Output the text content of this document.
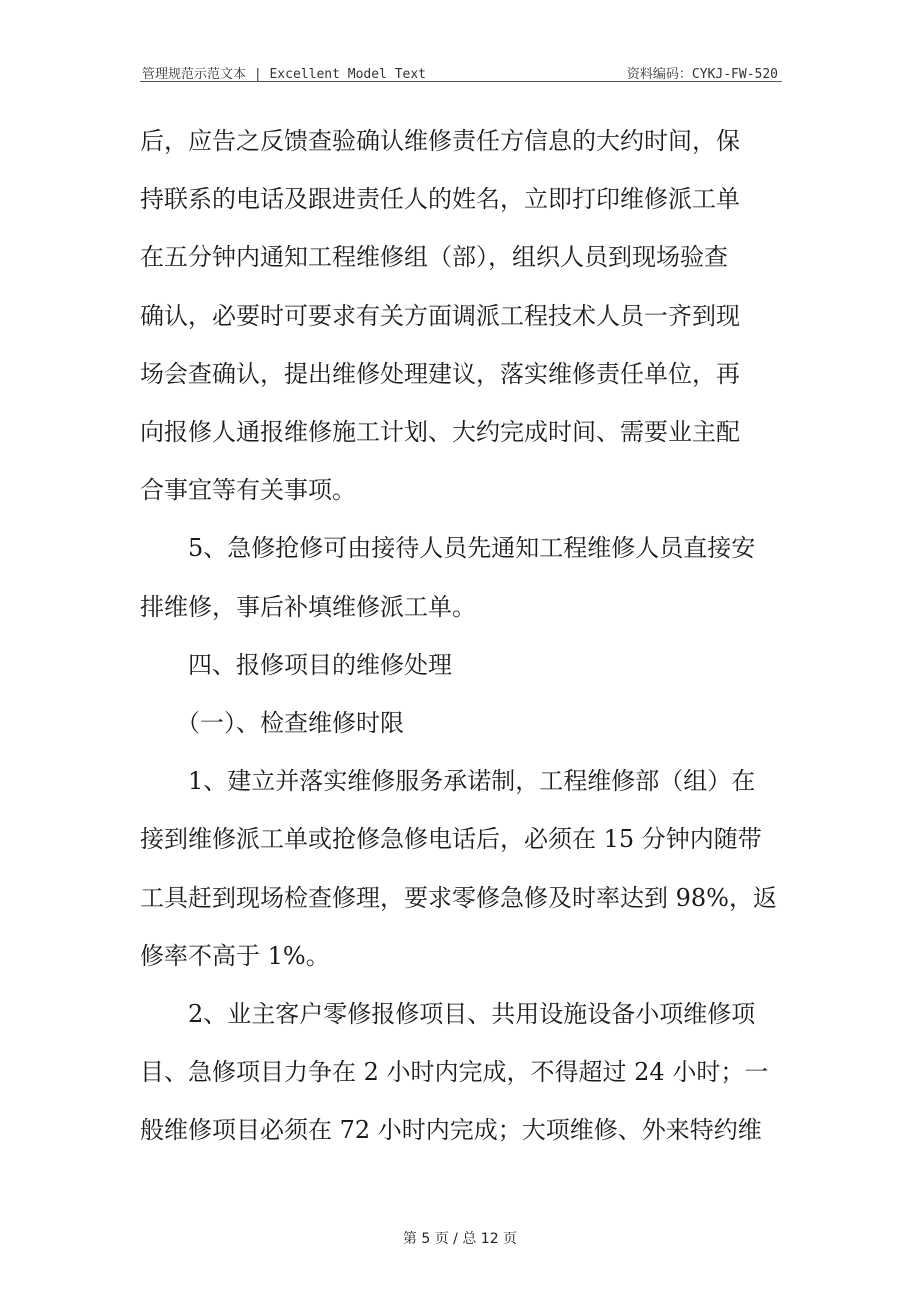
管理规范示范文本 | Excellent Model Text	资料编码：CYKJ-FW-520

后，应告之反馈查验确认维修责任方信息的大约时间，保

持联系的电话及跟进责任人的姓名，立即打印维修派工单

在五分钟内通知工程维修组（部），组织人员到现场验查

确认，必要时可要求有关方面调派工程技术人员一齐到现

场会查确认，提出维修处理建议，落实维修责任单位，再

向报修人通报维修施工计划、大约完成时间、需要业主配

合事宜等有关事项。

5、急修抢修可由接待人员先通知工程维修人员直接安

排维修，事后补填维修派工单。

四、报修项目的维修处理

（一）、检查维修时限

1、建立并落实维修服务承诺制，工程维修部（组）在

接到维修派工单或抢修急修电话后，必须在 15 分钟内随带

工具赶到现场检查修理，要求零修急修及时率达到 98%，返

修率不高于 1%。

2、业主客户零修报修项目、共用设施设备小项维修项

目、急修项目力争在 2 小时内完成，不得超过 24 小时；一

般维修项目必须在 72 小时内完成；大项维修、外来特约维

第 5 页 / 总 12 页
